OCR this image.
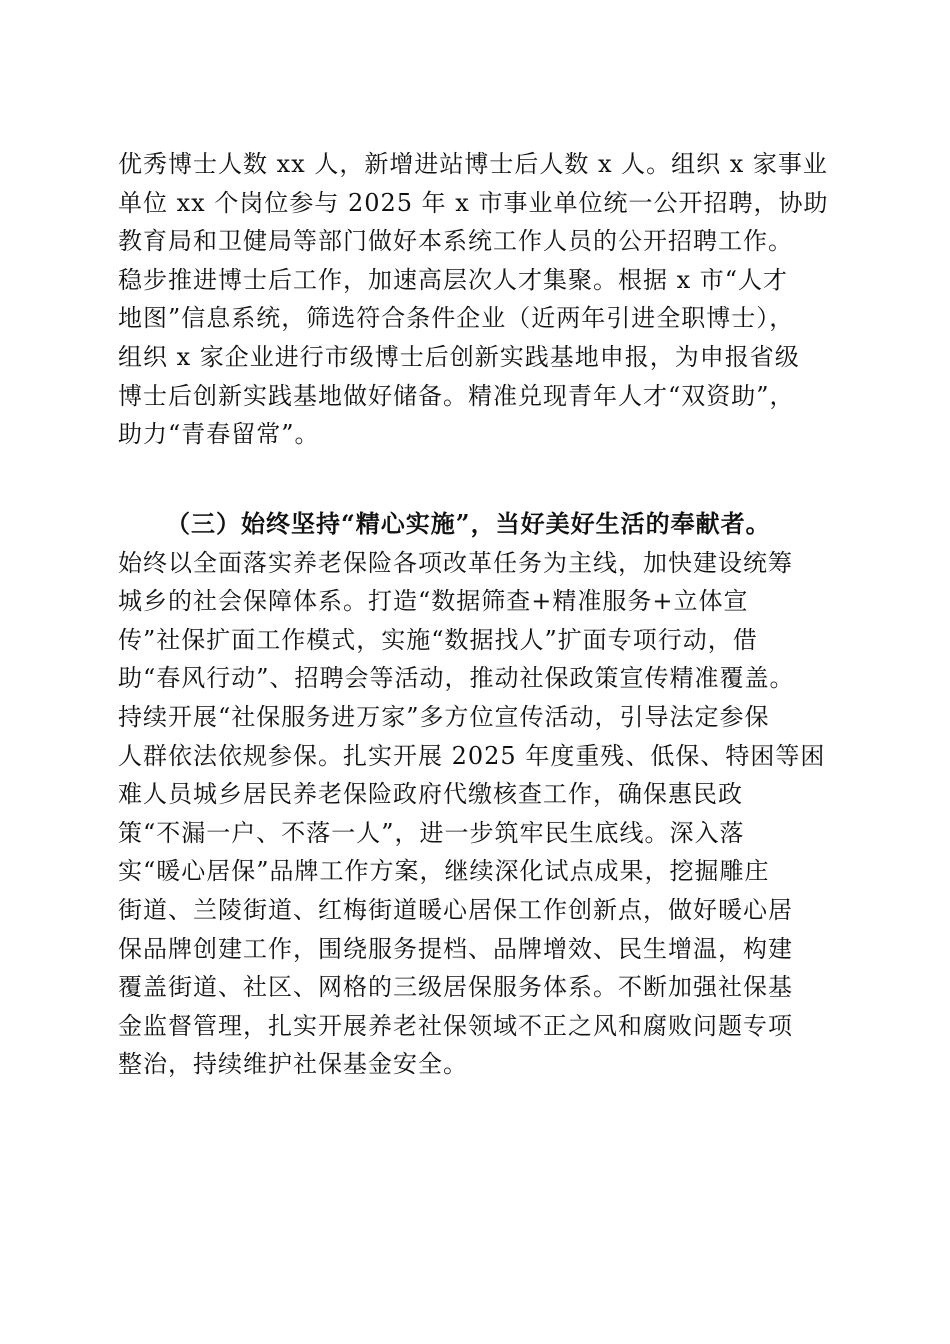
优秀博士人数 xx 人，新增进站博士后人数 x 人。组织 x 家事业
单位 xx 个岗位参与 2025 年 x 市事业单位统一公开招聘，协助
教育局和卫健局等部门做好本系统工作人员的公开招聘工作。
稳步推进博士后工作，加速高层次人才集聚。根据 x 市“人才
地图”信息系统，筛选符合条件企业（近两年引进全职博士），
组织 x 家企业进行市级博士后创新实践基地申报，为申报省级
博士后创新实践基地做好储备。精准兑现青年人才“双资助”，
助力“青春留常”。
（三）始终坚持“精心实施”，当好美好生活的奉献者。
始终以全面落实养老保险各项改革任务为主线，加快建设统筹
城乡的社会保障体系。打造“数据筛查+精准服务+立体宣
传”社保扩面工作模式，实施“数据找人”扩面专项行动，借
助“春风行动”、招聘会等活动，推动社保政策宣传精准覆盖。
持续开展“社保服务进万家”多方位宣传活动，引导法定参保
人群依法依规参保。扎实开展 2025 年度重残、低保、特困等困
难人员城乡居民养老保险政府代缴核查工作，确保惠民政
策“不漏一户、不落一人”，进一步筑牢民生底线。深入落
实“暖心居保”品牌工作方案，继续深化试点成果，挖掘雕庄
街道、兰陵街道、红梅街道暖心居保工作创新点，做好暖心居
保品牌创建工作，围绕服务提档、品牌增效、民生增温，构建
覆盖街道、社区、网格的三级居保服务体系。不断加强社保基
金监督管理，扎实开展养老社保领域不正之风和腐败问题专项
整治，持续维护社保基金安全。
